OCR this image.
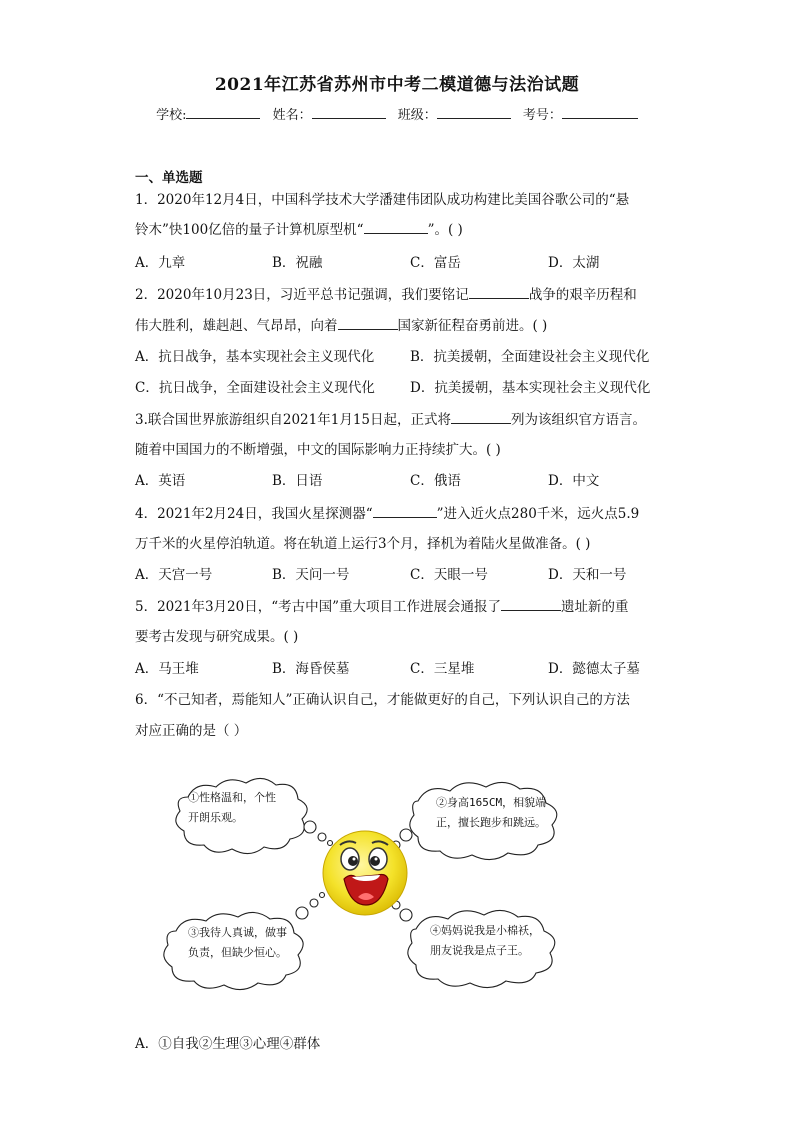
2021年江苏省苏州市中考二模道德与法治试题
学校:	姓名：	班级：	考号：
一、单选题
1．2020年12月4日，中国科学技术大学潘建伟团队成功构建比美国谷歌公司的“悬
铃木”快100亿倍的量子计算机原型机“	”。( )
A．九章	B．祝融	C．富岳	D．太湖
2．2020年10月23日，习近平总书记强调，我们要铭记	战争的艰辛历程和
伟大胜利，雄赳赳、气昂昂，向着	国家新征程奋勇前进。( )
A．抗日战争，基本实现社会主义现代化	B．抗美援朝，全面建设社会主义现代化
C．抗日战争，全面建设社会主义现代化	D．抗美援朝，基本实现社会主义现代化
3.联合国世界旅游组织自2021年1月15日起，正式将	列为该组织官方语言。
随着中国国力的不断增强，中文的国际影响力正持续扩大。( )
A．英语	B．日语	C．俄语	D．中文
4．2021年2月24日，我国火星探测器“	”进入近火点280千米，远火点5.9
万千米的火星停泊轨道。将在轨道上运行3个月，择机为着陆火星做准备。( )
A．天宫一号	B．天问一号	C．天眼一号	D．天和一号
5．2021年3月20日，“考古中国”重大项目工作进展会通报了	遗址新的重
要考古发现与研究成果。( )
A．马王堆	B．海昏侯墓	C．三星堆	D．懿德太子墓
6．“不己知者，焉能知人”正确认识自己，才能做更好的自己，下列认识自己的方法
对应正确的是（ ）
①性格温和，个性
开朗乐观。
②身高165CM，相貌端
正，擅长跑步和跳远。
③我待人真诚，做事
负责，但缺少恒心。
④妈妈说我是小棉袄，
朋友说我是点子王。
A．①自我②生理③心理④群体
